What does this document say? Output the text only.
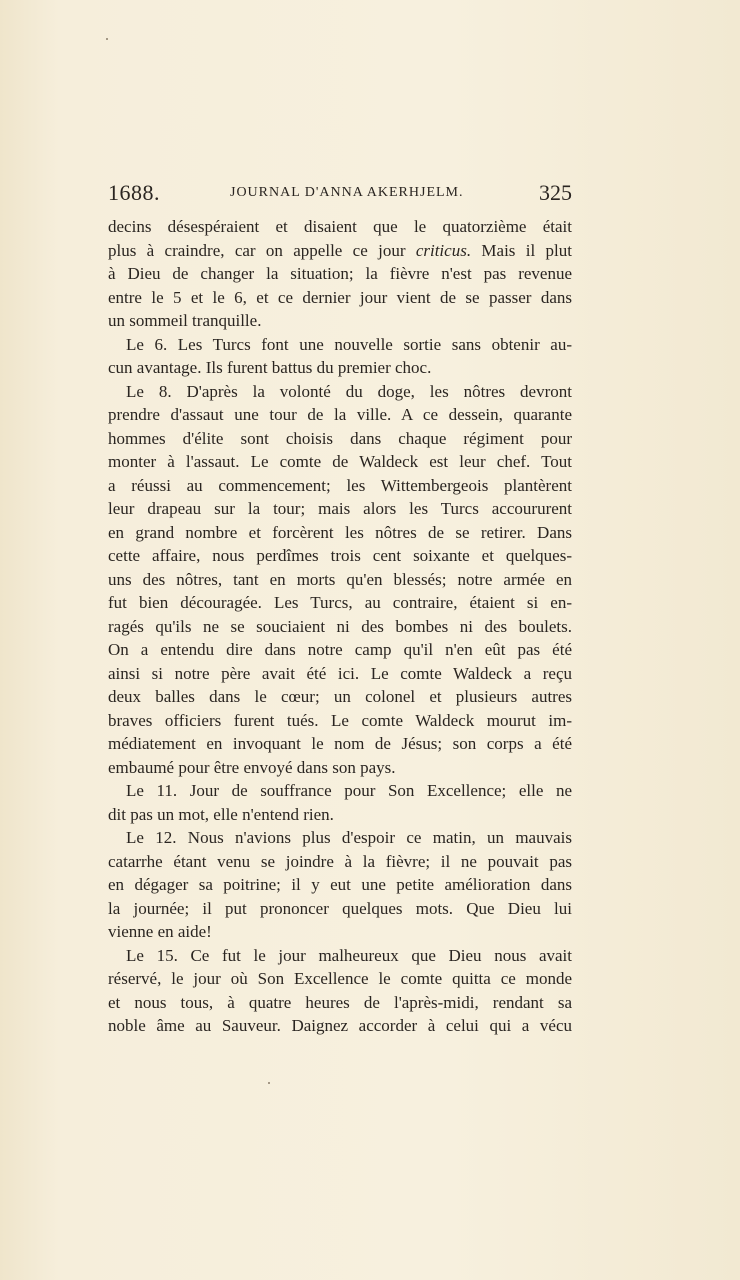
1688.	JOURNAL D'ANNA AKERHJELM.	325
decins désespéraient et disaient que le quatorzième était
plus à craindre, car on appelle ce jour criticus. Mais il plut
à Dieu de changer la situation; la fièvre n'est pas revenue
entre le 5 et le 6, et ce dernier jour vient de se passer dans
un sommeil tranquille.
Le 6. Les Turcs font une nouvelle sortie sans obtenir au-
cun avantage. Ils furent battus du premier choc.
Le 8. D'après la volonté du doge, les nôtres devront
prendre d'assaut une tour de la ville. A ce dessein, quarante
hommes d'élite sont choisis dans chaque régiment pour
monter à l'assaut. Le comte de Waldeck est leur chef. Tout
a réussi au commencement; les Wittembergeois plantèrent
leur drapeau sur la tour; mais alors les Turcs accoururent
en grand nombre et forcèrent les nôtres de se retirer. Dans
cette affaire, nous perdîmes trois cent soixante et quelques-
uns des nôtres, tant en morts qu'en blessés; notre armée en
fut bien découragée. Les Turcs, au contraire, étaient si en-
ragés qu'ils ne se souciaient ni des bombes ni des boulets.
On a entendu dire dans notre camp qu'il n'en eût pas été
ainsi si notre père avait été ici. Le comte Waldeck a reçu
deux balles dans le cœur; un colonel et plusieurs autres
braves officiers furent tués. Le comte Waldeck mourut im-
médiatement en invoquant le nom de Jésus; son corps a été
embaumé pour être envoyé dans son pays.
Le 11. Jour de souffrance pour Son Excellence; elle ne
dit pas un mot, elle n'entend rien.
Le 12. Nous n'avions plus d'espoir ce matin, un mauvais
catarrhe étant venu se joindre à la fièvre; il ne pouvait pas
en dégager sa poitrine; il y eut une petite amélioration dans
la journée; il put prononcer quelques mots. Que Dieu lui
vienne en aide!
Le 15. Ce fut le jour malheureux que Dieu nous avait
réservé, le jour où Son Excellence le comte quitta ce monde
et nous tous, à quatre heures de l'après-midi, rendant sa
noble âme au Sauveur. Daignez accorder à celui qui a vécu
